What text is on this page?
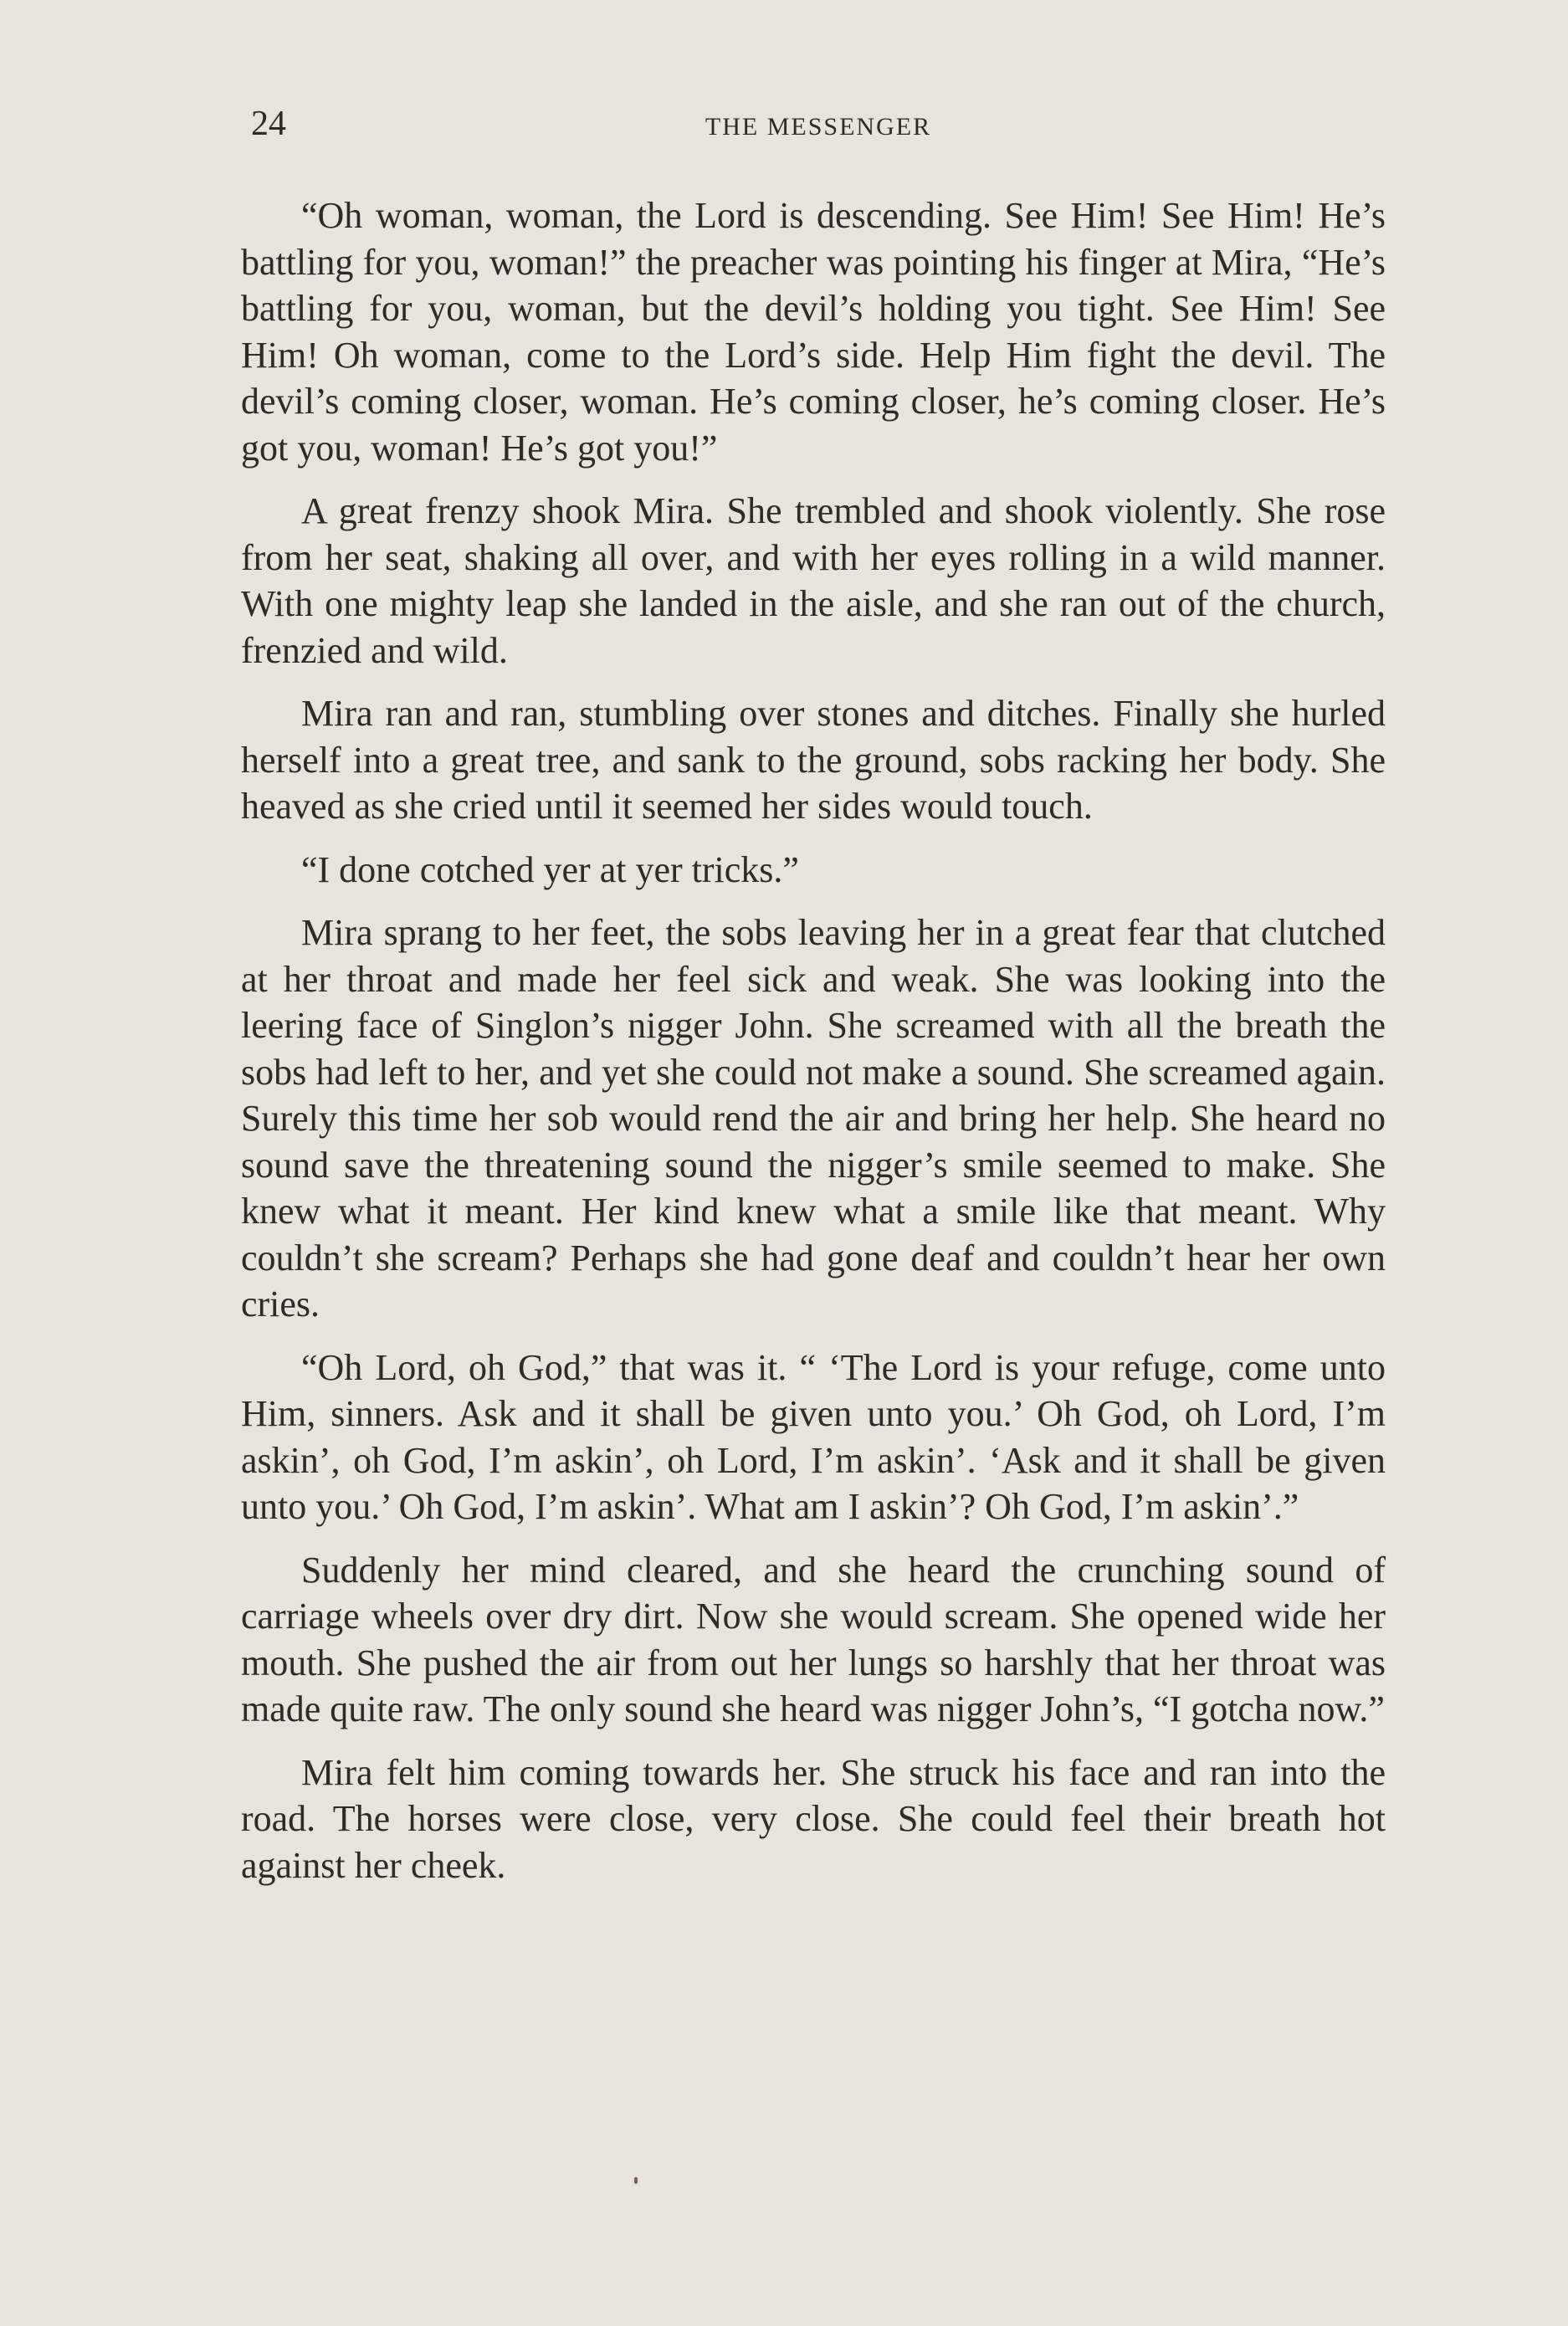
24	THE MESSENGER

“Oh woman, woman, the Lord is descending. See Him! See Him! He’s battling for you, woman!” the preacher was pointing his finger at Mira, “He’s battling for you, woman, but the devil’s holding you tight. See Him! See Him! Oh woman, come to the Lord’s side. Help Him fight the devil. The devil’s coming closer, woman. He’s coming closer, he’s coming closer. He’s got you, woman! He’s got you!”

A great frenzy shook Mira. She trembled and shook violently. She rose from her seat, shaking all over, and with her eyes rolling in a wild manner. With one mighty leap she landed in the aisle, and she ran out of the church, frenzied and wild.

Mira ran and ran, stumbling over stones and ditches. Finally she hurled herself into a great tree, and sank to the ground, sobs racking her body. She heaved as she cried until it seemed her sides would touch.

“I done cotched yer at yer tricks.”

Mira sprang to her feet, the sobs leaving her in a great fear that clutched at her throat and made her feel sick and weak. She was looking into the leering face of Singlon’s nigger John. She screamed with all the breath the sobs had left to her, and yet she could not make a sound. She screamed again. Surely this time her sob would rend the air and bring her help. She heard no sound save the threatening sound the nigger’s smile seemed to make. She knew what it meant. Her kind knew what a smile like that meant. Why couldn’t she scream? Perhaps she had gone deaf and couldn’t hear her own cries.

“Oh Lord, oh God,” that was it. “ ‘The Lord is your refuge, come unto Him, sinners. Ask and it shall be given unto you.’ Oh God, oh Lord, I’m askin’, oh God, I’m askin’, oh Lord, I’m askin’. ‘Ask and it shall be given unto you.’ Oh God, I’m askin’. What am I askin’? Oh God, I’m askin’.”

Suddenly her mind cleared, and she heard the crunching sound of carriage wheels over dry dirt. Now she would scream. She opened wide her mouth. She pushed the air from out her lungs so harshly that her throat was made quite raw. The only sound she heard was nigger John’s, “I gotcha now.”

Mira felt him coming towards her. She struck his face and ran into the road. The horses were close, very close. She could feel their breath hot against her cheek.
